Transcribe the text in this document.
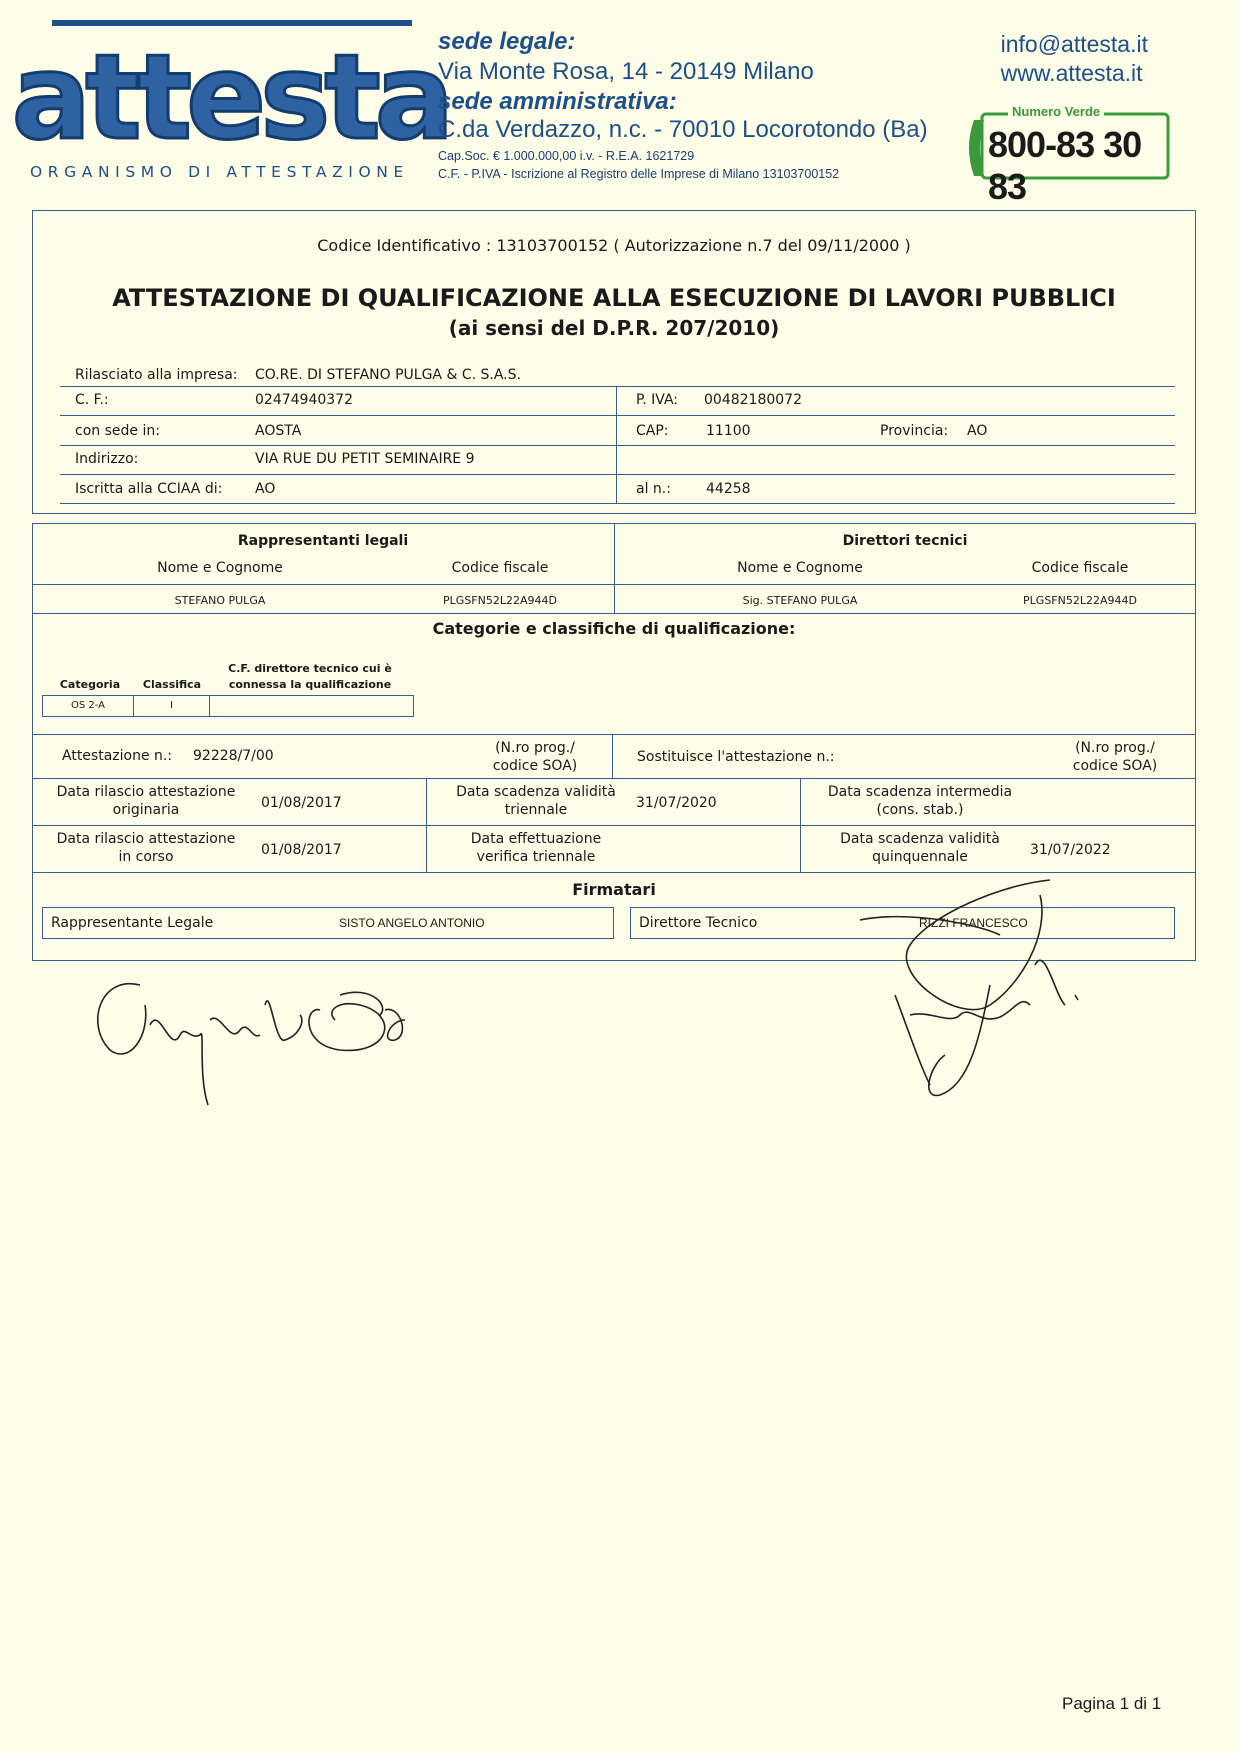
attesta
ORGANISMO DI ATTESTAZIONE
sede legale:
Via Monte Rosa, 14 - 20149 Milano
sede amministrativa:
C.da Verdazzo, n.c. - 70010 Locorotondo (Ba)
Cap.Soc. € 1.000.000,00 i.v. - R.E.A. 1621729
C.F. - P.IVA - Iscrizione al Registro delle Imprese di Milano 13103700152
info@attesta.it
www.attesta.it
Numero Verde
800-83 30 83
Codice Identificativo : 13103700152 ( Autorizzazione n.7 del 09/11/2000 )
ATTESTAZIONE DI QUALIFICAZIONE ALLA ESECUZIONE DI LAVORI PUBBLICI
(ai sensi del D.P.R. 207/2010)
Rilasciato alla impresa: CO.RE. DI STEFANO PULGA & C. S.A.S.
C. F.:	02474940372	P. IVA: 00482180072
con sede in:	AOSTA	CAP:	11100	Provincia: AO
Indirizzo:	VIA RUE DU PETIT SEMINAIRE 9
Iscritta alla CCIAA di: AO	al n.:	44258
Rappresentanti legali
Nome e Cognome	Codice fiscale
Direttori tecnici
Nome e Cognome	Codice fiscale
STEFANO PULGA	PLGSFN52L22A944D	Sig. STEFANO PULGA	PLGSFN52L22A944D
Categorie e classifiche di qualificazione:
Categoria	Classifica
C.F. direttore tecnico cui è
connessa la qualificazione
OS 2-A	I
Attestazione n.: 92228/7/00	(N.ro prog./
codice SOA)
Sostituisce l'attestazione n.:
(N.ro prog./
codice SOA)
Data rilascio attestazione
originaria	01/08/2017
Data scadenza validità
triennale	31/07/2020
Data scadenza intermedia
(cons. stab.)
Data rilascio attestazione
in corso	01/08/2017
Data effettuazione
verifica triennale
Data scadenza validità
quinquennale	31/07/2022
Firmatari
Rappresentante Legale	SISTO ANGELO ANTONIO	Direttore Tecnico	RIZZI FRANCESCO
Pagina 1 di 1
